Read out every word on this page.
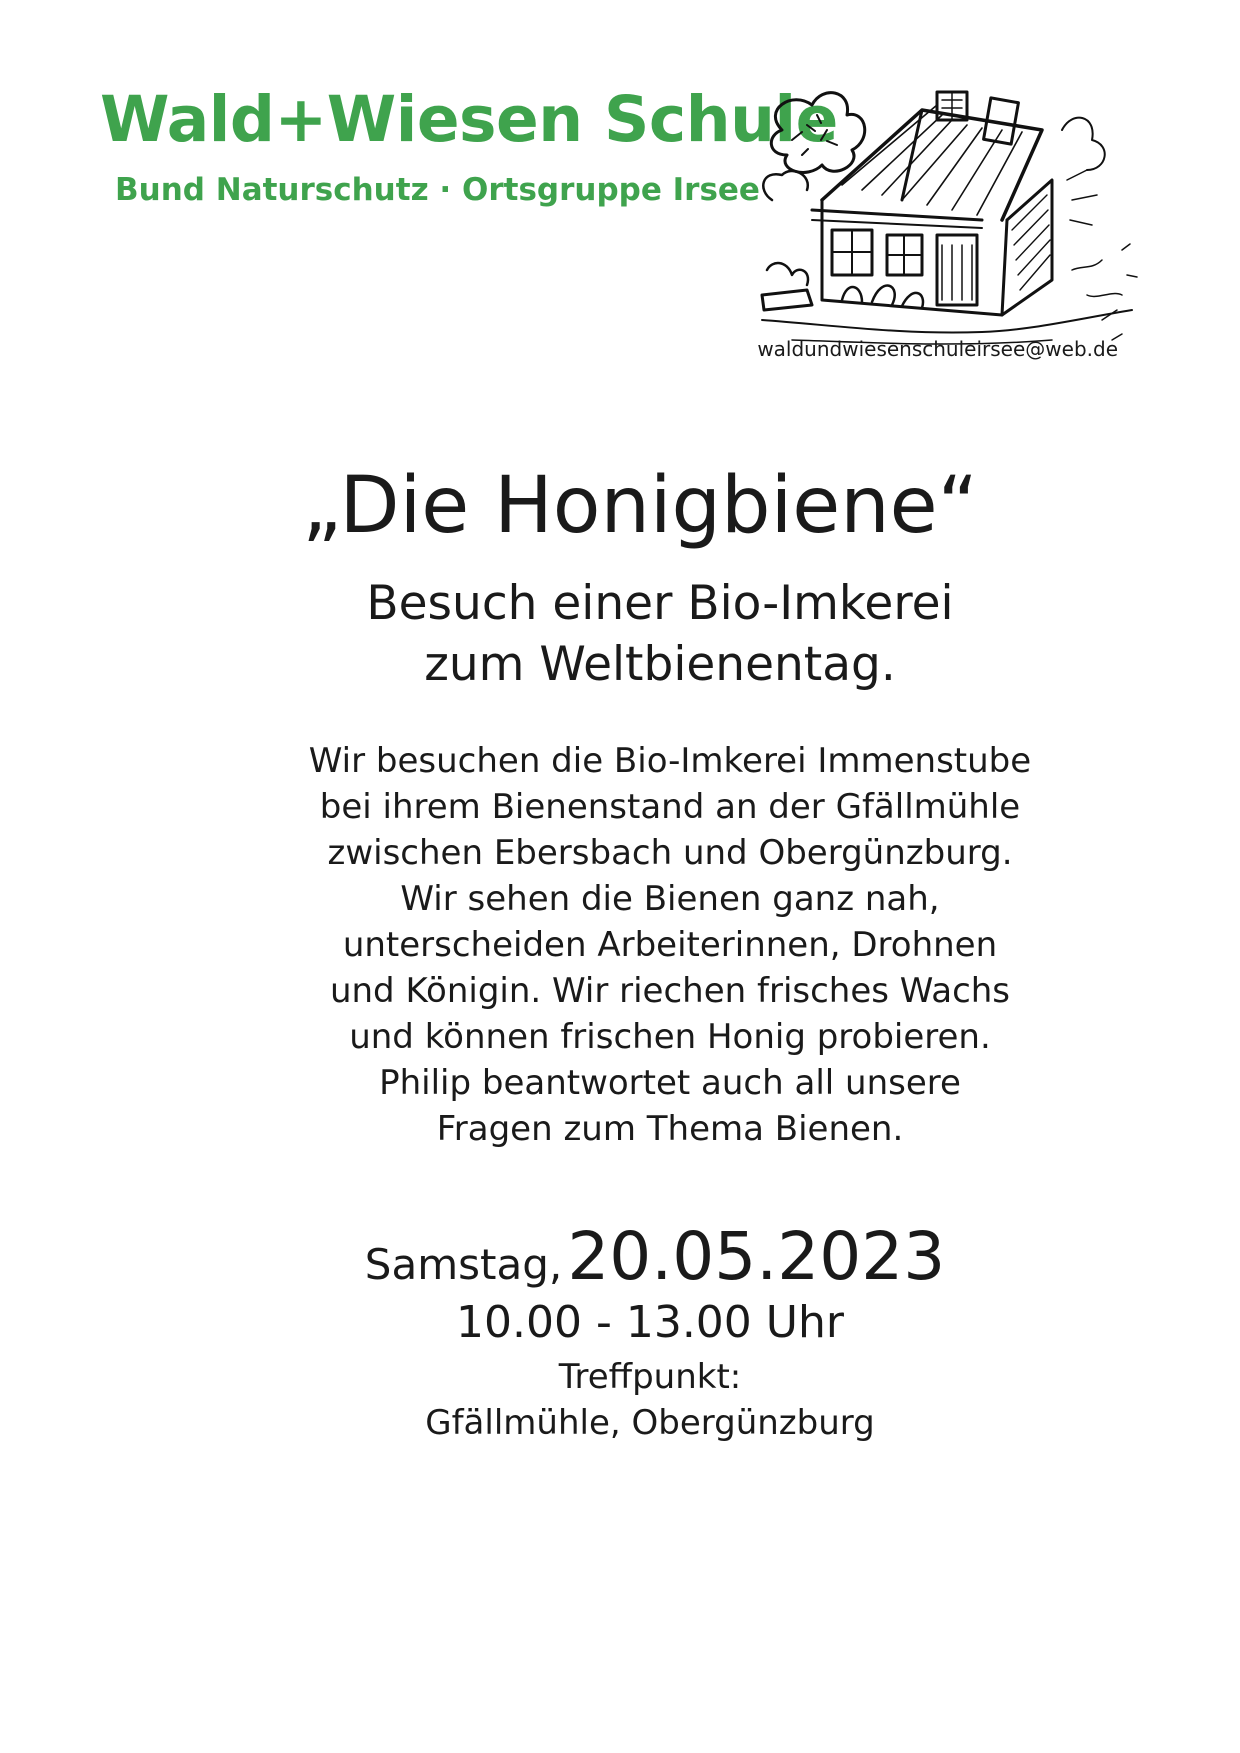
Wald+Wiesen Schule
Bund Naturschutz · Ortsgruppe Irsee
waldundwiesenschuleirsee@web.de
„Die Honigbiene“
Besuch einer Bio-Imkerei
zum Weltbienentag.
Wir besuchen die Bio-Imkerei Immenstube
bei ihrem Bienenstand an der Gfällmühle
zwischen Ebersbach und Obergünzburg.
Wir sehen die Bienen ganz nah,
unterscheiden Arbeiterinnen, Drohnen
und Königin. Wir riechen frisches Wachs
und können frischen Honig probieren.
Philip beantwortet auch all unsere
Fragen zum Thema Bienen.
Samstag, 20.05.2023
10.00 - 13.00 Uhr
Treffpunkt:
Gfällmühle, Obergünzburg
